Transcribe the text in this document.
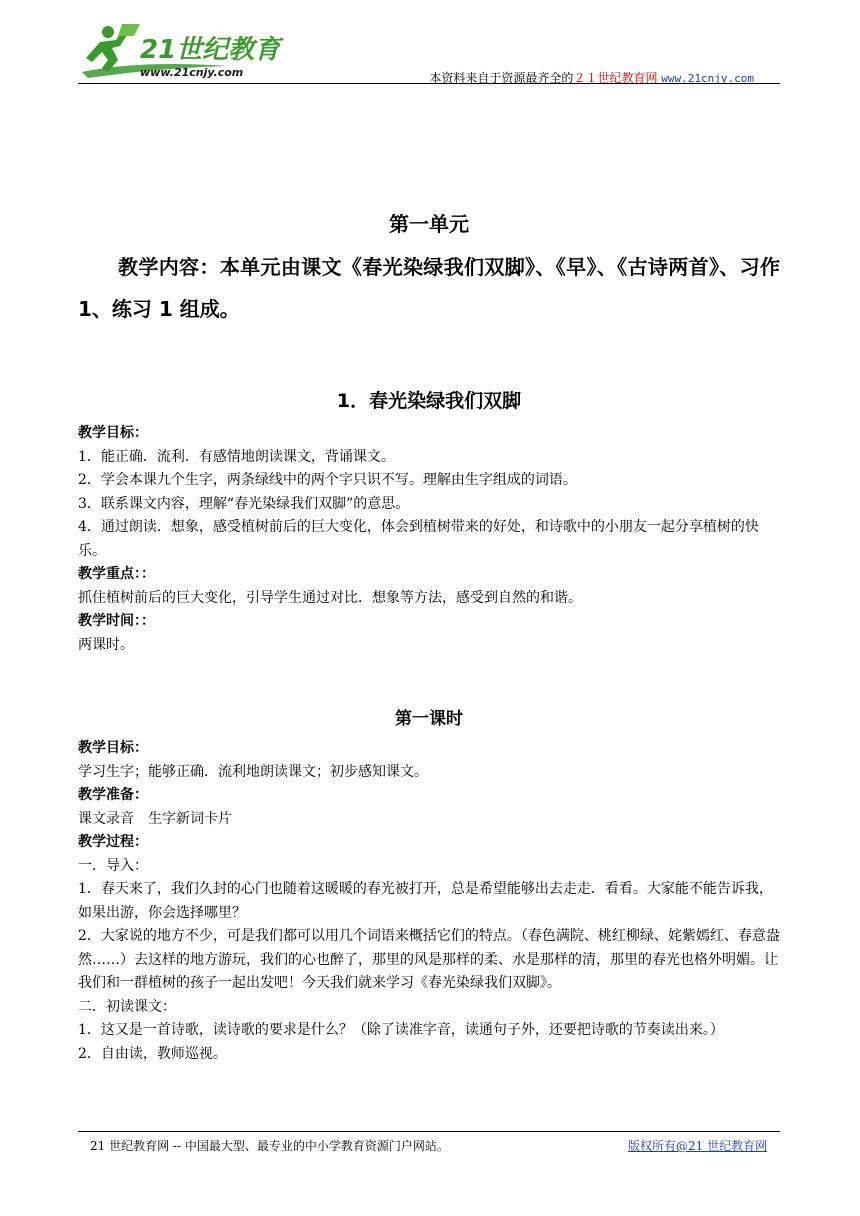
21世纪教育
www.21cnjy.com	本资料来自于资源最齐全的２１世纪教育网 www.21cnjy.com
第一单元
教学内容：本单元由课文《春光染绿我们双脚》、《早》、《古诗两首》、习作 1、练习 1 组成。
1．春光染绿我们双脚

教学目标：

1．能正确．流利．有感情地朗读课文，背诵课文。

2．学会本课九个生字，两条绿线中的两个字只识不写。理解由生字组成的词语。

3．联系课文内容，理解“春光染绿我们双脚”的意思。

4．通过朗读．想象，感受植树前后的巨大变化，体会到植树带来的好处，和诗歌中的小朋友一起分享植树的快乐。

教学重点：：

抓住植树前后的巨大变化，引导学生通过对比．想象等方法，感受到自然的和谐。

教学时间：：

两课时。

第一课时

教学目标：

学习生字；能够正确．流利地朗读课文；初步感知课文。

教学准备：

课文录音　生字新词卡片

教学过程：

一．导入：

1．春天来了，我们久封的心门也随着这暖暖的春光被打开，总是希望能够出去走走．看看。大家能不能告诉我，如果出游，你会选择哪里？

2．大家说的地方不少，可是我们都可以用几个词语来概括它们的特点。（春色满院、桃红柳绿、姹紫嫣红、春意盎然……）去这样的地方游玩，我们的心也醉了，那里的风是那样的柔、水是那样的清，那里的春光也格外明媚。让我们和一群植树的孩子一起出发吧！今天我们就来学习《春光染绿我们双脚》。

二．初读课文：

1．这又是一首诗歌，读诗歌的要求是什么？（除了读准字音，读通句子外，还要把诗歌的节奏读出来。）

2．自由读，教师巡视。

21 世纪教育网 -- 中国最大型、最专业的中小学教育资源门户网站。	版权所有@21 世纪教育网
